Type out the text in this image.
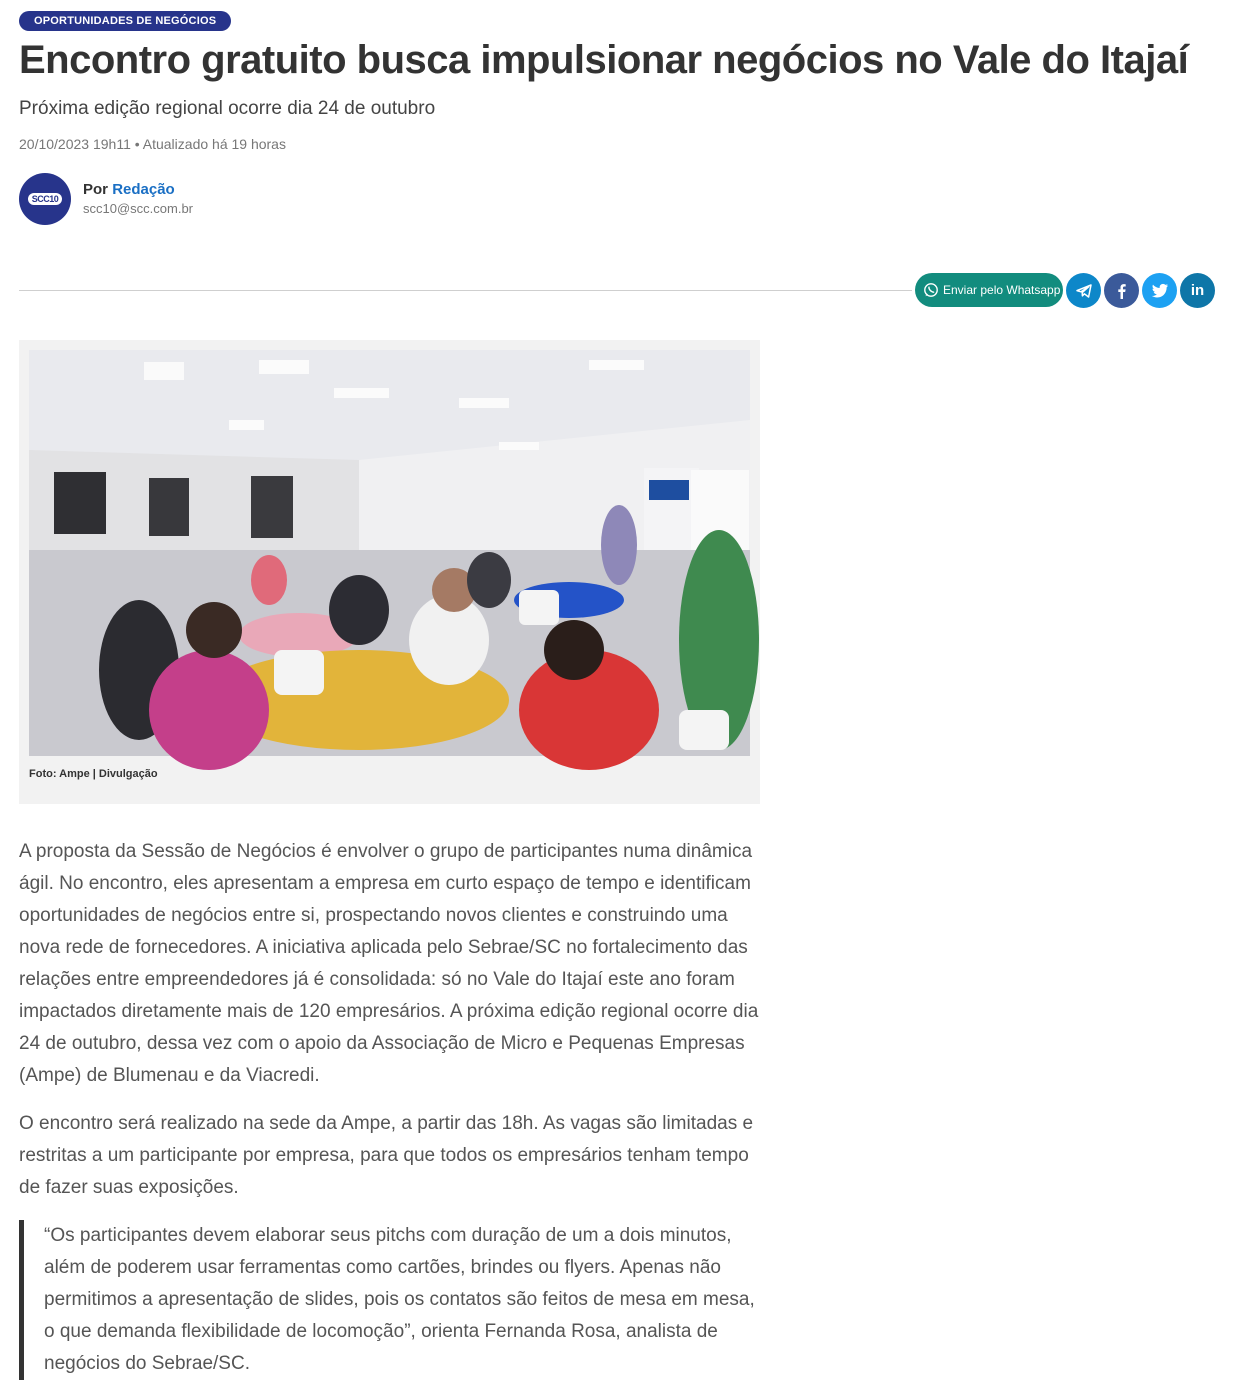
OPORTUNIDADES DE NEGÓCIOS
Encontro gratuito busca impulsionar negócios no Vale do Itajaí
Próxima edição regional ocorre dia 24 de outubro
20/10/2023 19h11 • Atualizado há 19 horas
SCC10
Por Redação
scc10@scc.com.br
Enviar pelo Whatsapp	in
Foto: Ampe | Divulgação

A proposta da Sessão de Negócios é envolver o grupo de participantes numa dinâmica ágil. No encontro, eles apresentam a empresa em curto espaço de tempo e identificam oportunidades de negócios entre si, prospectando novos clientes e construindo uma nova rede de fornecedores. A iniciativa aplicada pelo Sebrae/SC no fortalecimento das relações entre empreendedores já é consolidada: só no Vale do Itajaí este ano foram impactados diretamente mais de 120 empresários. A próxima edição regional ocorre dia 24 de outubro, dessa vez com o apoio da Associação de Micro e Pequenas Empresas (Ampe) de Blumenau e da Viacredi.

O encontro será realizado na sede da Ampe, a partir das 18h. As vagas são limitadas e restritas a um participante por empresa, para que todos os empresários tenham tempo de fazer suas exposições.

“Os participantes devem elaborar seus pitchs com duração de um a dois minutos, além de poderem usar ferramentas como cartões, brindes ou flyers. Apenas não permitimos a apresentação de slides, pois os contatos são feitos de mesa em mesa, o que demanda flexibilidade de locomoção”, orienta Fernanda Rosa, analista de negócios do Sebrae/SC.
